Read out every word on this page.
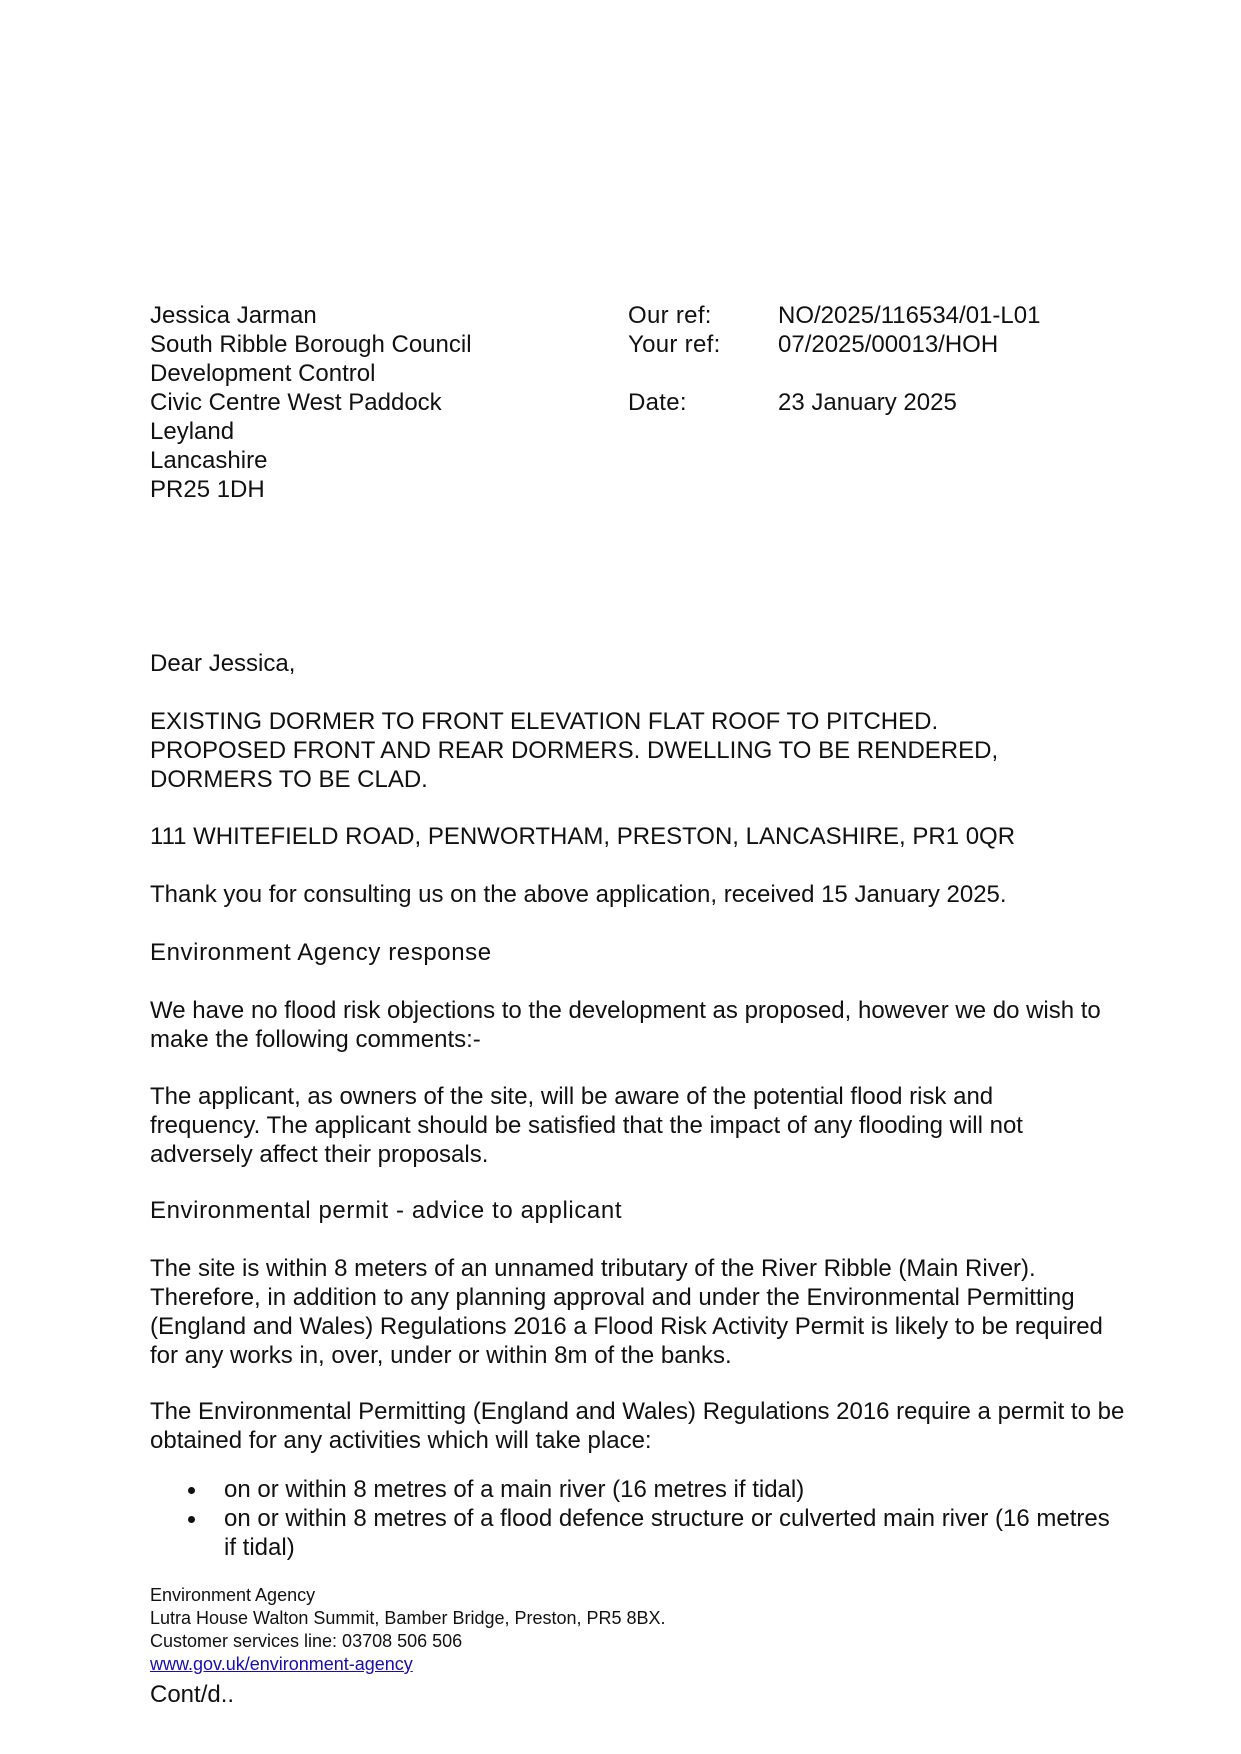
Jessica Jarman
South Ribble Borough Council
Development Control
Civic Centre West Paddock
Leyland
Lancashire
PR25 1DH
Our ref:	NO/2025/116534/01-L01
Your ref:	07/2025/00013/HOH
Date:	23 January 2025

Dear Jessica,

EXISTING DORMER TO FRONT ELEVATION FLAT ROOF TO PITCHED. PROPOSED FRONT AND REAR DORMERS. DWELLING TO BE RENDERED, DORMERS TO BE CLAD.

111 WHITEFIELD ROAD, PENWORTHAM, PRESTON, LANCASHIRE, PR1 0QR

Thank you for consulting us on the above application, received 15 January 2025.

Environment Agency response

We have no flood risk objections to the development as proposed, however we do wish to make the following comments:-

The applicant, as owners of the site, will be aware of the potential flood risk and frequency. The applicant should be satisfied that the impact of any flooding will not adversely affect their proposals.

Environmental permit - advice to applicant

The site is within 8 meters of an unnamed tributary of the River Ribble (Main River). Therefore, in addition to any planning approval and under the Environmental Permitting (England and Wales) Regulations 2016 a Flood Risk Activity Permit is likely to be required for any works in, over, under or within 8m of the banks.

The Environmental Permitting (England and Wales) Regulations 2016 require a permit to be obtained for any activities which will take place:

on or within 8 metres of a main river (16 metres if tidal)
on or within 8 metres of a flood defence structure or culverted main river (16 metres if tidal)
Environment Agency
Lutra House Walton Summit, Bamber Bridge, Preston, PR5 8BX.
Customer services line: 03708 506 506
www.gov.uk/environment-agency
Cont/d..
